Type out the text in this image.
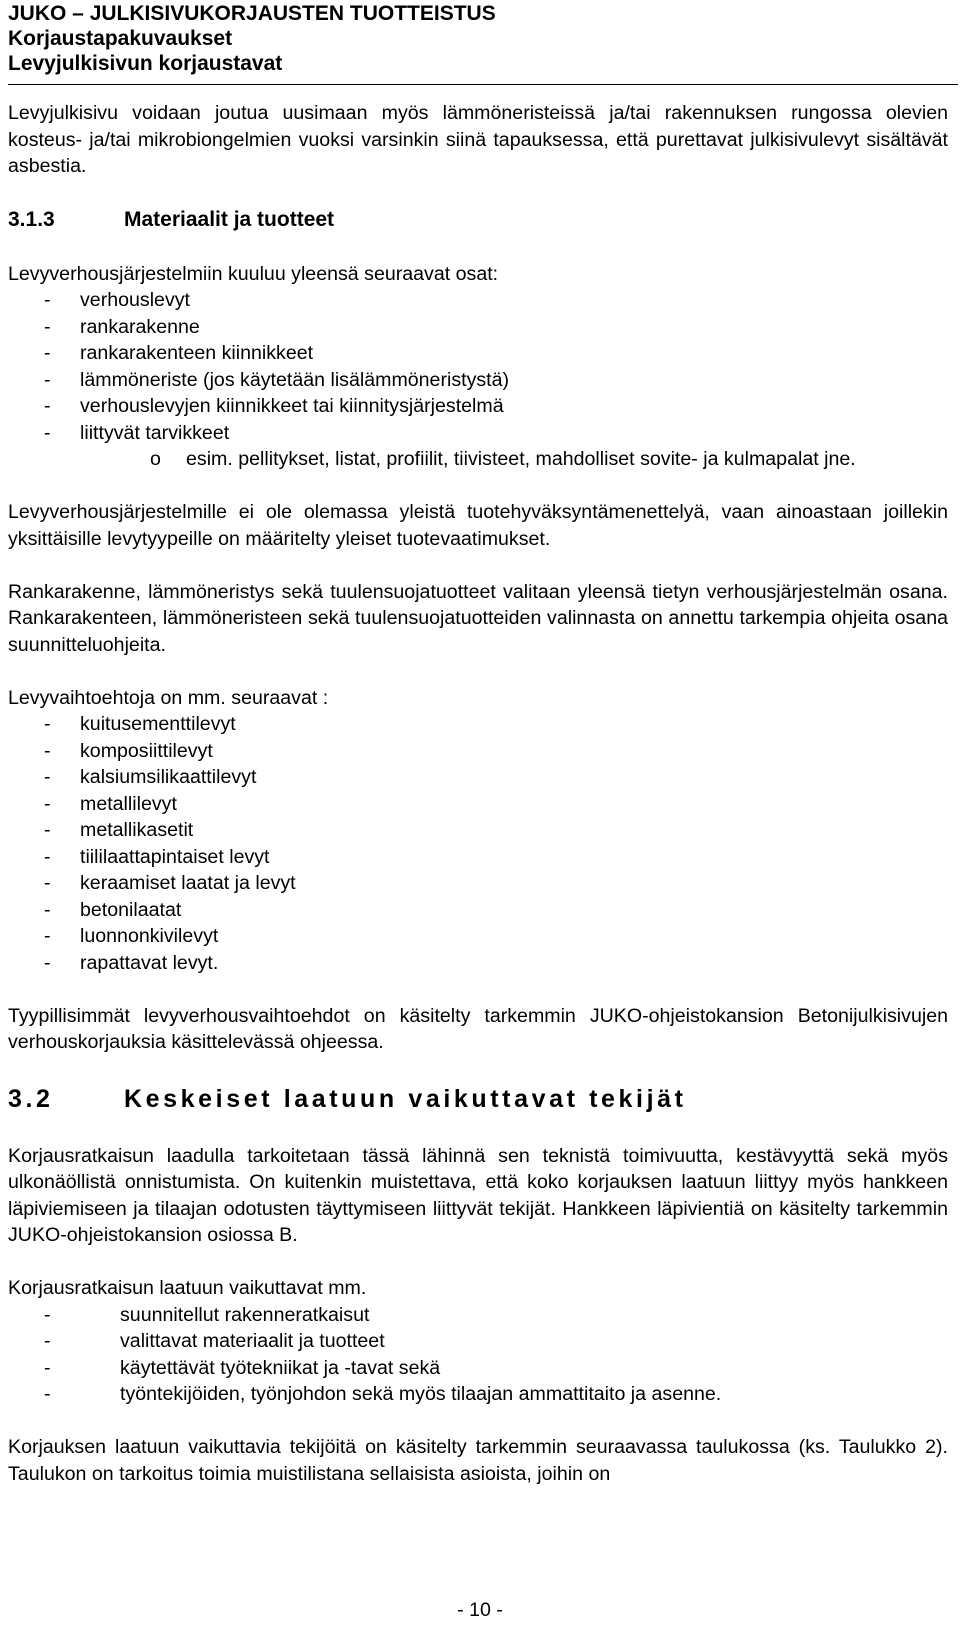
JUKO – JULKISIVUKORJAUSTEN TUOTTEISTUS
Korjaustapakuvaukset
Levyjulkisivun korjaustavat

Levyjulkisivu voidaan joutua uusimaan myös lämmöneristeissä ja/tai rakennuksen rungossa olevien kosteus- ja/tai mikrobiongelmien vuoksi varsinkin siinä tapauksessa, että purettavat julkisivulevyt sisältävät asbestia.

3.1.3	Materiaalit ja tuotteet

Levyverhousjärjestelmiin kuuluu yleensä seuraavat osat:

-	verhouslevyt
-	rankarakenne
-	rankarakenteen kiinnikkeet
-	lämmöneriste (jos käytetään lisälämmöneristystä)
-	verhouslevyjen kiinnikkeet tai kiinnitysjärjestelmä
-	liittyvät tarvikkeet
o	esim. pellitykset, listat, profiilit, tiivisteet, mahdolliset sovite- ja kulmapalat jne.

Levyverhousjärjestelmille ei ole olemassa yleistä tuotehyväksyntämenettelyä, vaan ainoastaan joillekin yksittäisille levytyypeille on määritelty yleiset tuotevaatimukset.

Rankarakenne, lämmöneristys sekä tuulensuojatuotteet valitaan yleensä tietyn verhousjärjestelmän osana. Rankarakenteen, lämmöneristeen sekä tuulensuojatuotteiden valinnasta on annettu tarkempia ohjeita osana suunnitteluohjeita.

Levyvaihtoehtoja on mm. seuraavat :

-	kuitusementtilevyt
-	komposiittilevyt
-	kalsiumsilikaattilevyt
-	metallilevyt
-	metallikasetit
-	tiililaattapintaiset levyt
-	keraamiset laatat ja levyt
-	betonilaatat
-	luonnonkivilevyt
-	rapattavat levyt.

Tyypillisimmät levyverhousvaihtoehdot on käsitelty tarkemmin JUKO-ohjeistokansion Betonijulkisivujen verhouskorjauksia käsittelevässä ohjeessa.

3.2	Keskeiset laatuun vaikuttavat tekijät

Korjausratkaisun laadulla tarkoitetaan tässä lähinnä sen teknistä toimivuutta, kestävyyttä sekä myös ulkonäöllistä onnistumista. On kuitenkin muistettava, että koko korjauksen laatuun liittyy myös hankkeen läpiviemiseen ja tilaajan odotusten täyttymiseen liittyvät tekijät. Hankkeen läpivientiä on käsitelty tarkemmin JUKO-ohjeistokansion osiossa B.

Korjausratkaisun laatuun vaikuttavat mm.

-	suunnitellut rakenneratkaisut
-	valittavat materiaalit ja tuotteet
-	käytettävät työtekniikat ja -tavat sekä
-	työntekijöiden, työnjohdon sekä myös tilaajan ammattitaito ja asenne.

Korjauksen laatuun vaikuttavia tekijöitä on käsitelty tarkemmin seuraavassa taulukossa (ks. Taulukko 2). Taulukon on tarkoitus toimia muistilistana sellaisista asioista, joihin on

- 10 -
